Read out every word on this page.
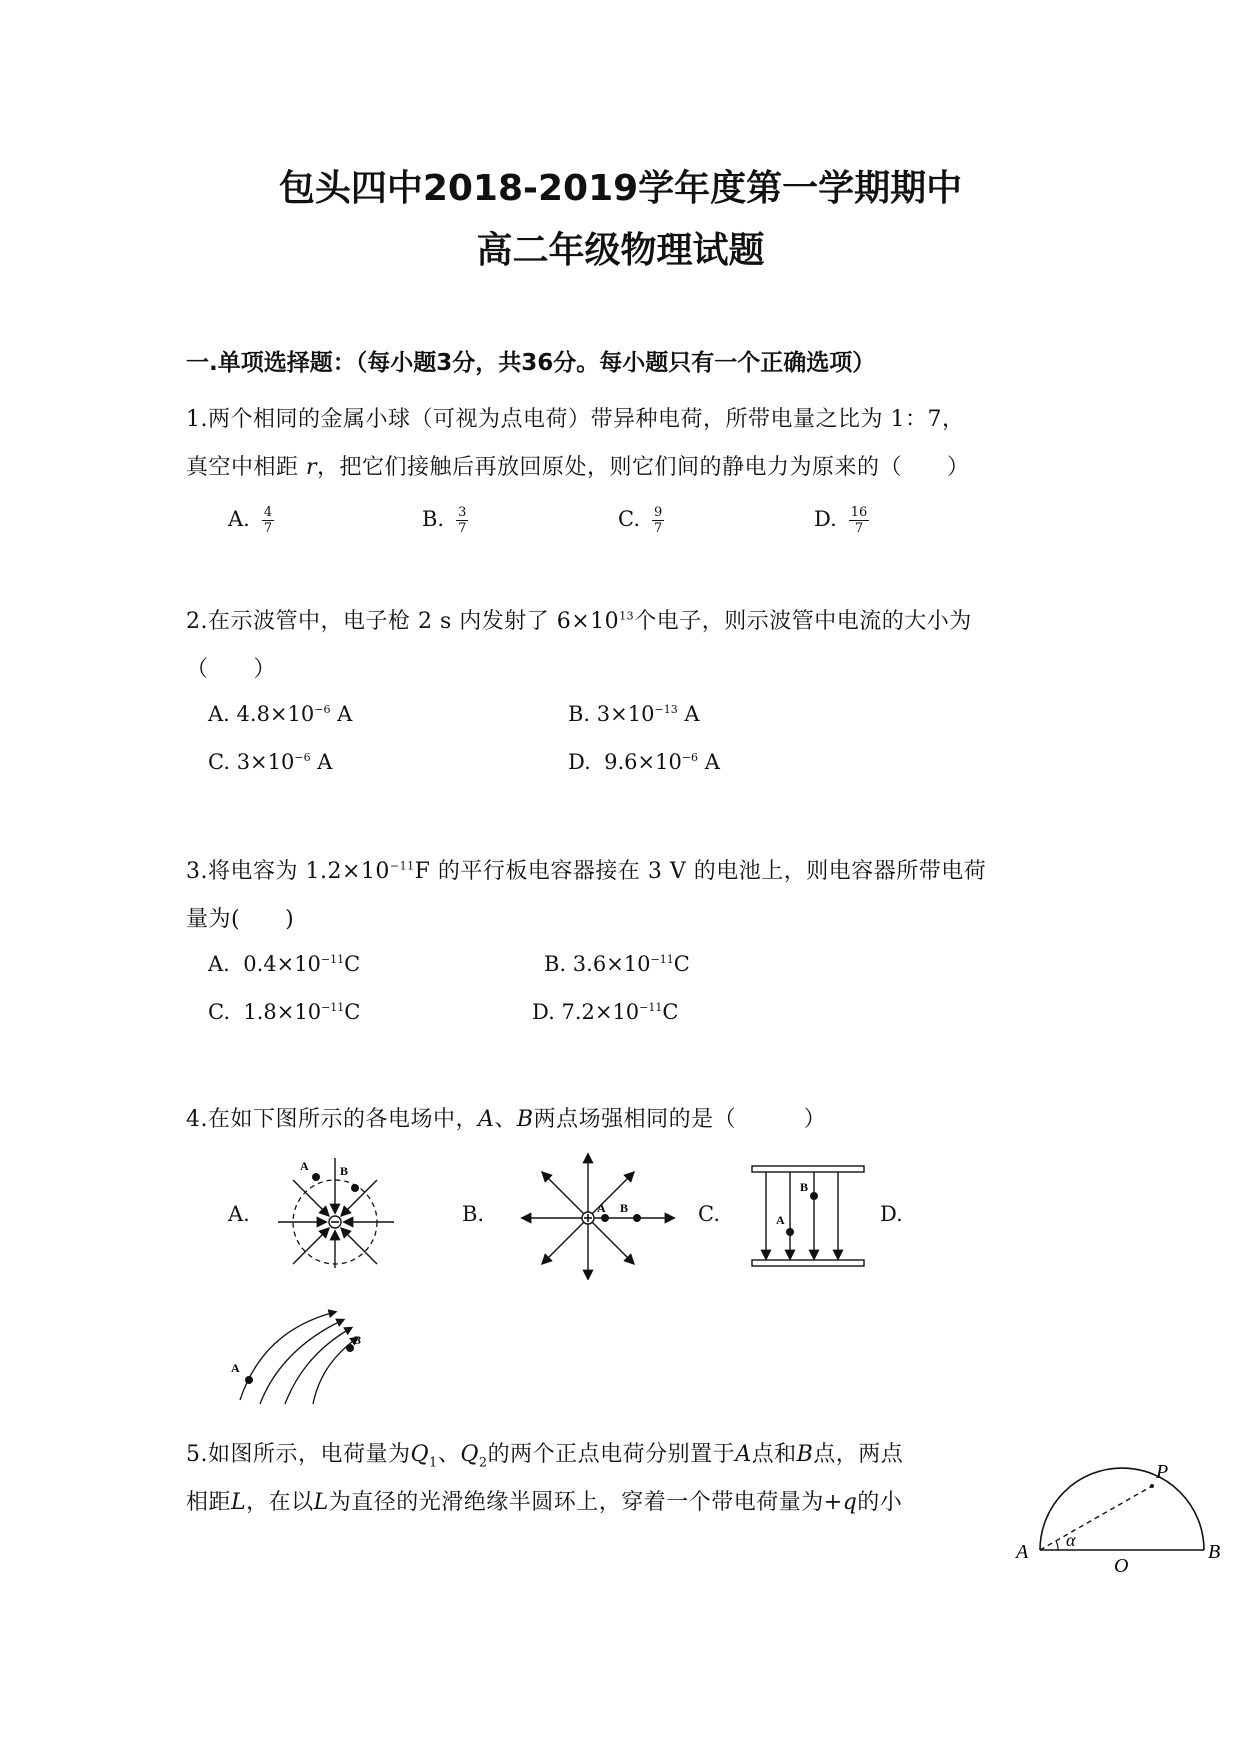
包头四中2018-2019学年度第一学期期中
高二年级物理试题
一.单项选择题：（每小题3分，共36分。每小题只有一个正确选项）
1.两个相同的金属小球（可视为点电荷）带异种电荷，所带电量之比为 1：7，
真空中相距 r，把它们接触后再放回原处，则它们间的静电力为原来的（　　）
A. $\frac{4}{7}$	B. $\frac{3}{7}$	C. $\frac{9}{7}$	D. $\frac{16}{7}$
2.在示波管中，电子枪 2 s 内发射了 $6\times 10^{13}$个电子，则示波管中电流的大小为
（　　）
A. $4.8\times 10^{-6}$ A	B. $3\times 10^{-13}$ A
C. $3\times 10^{-6}$ A	D.  $9.6\times 10^{-6}$ A
3.将电容为 $1.2\times 10^{-11}F$ 的平行板电容器接在 3 V 的电池上，则电容器所带电荷
量为(　　)
A.  $0.4\times 10^{-11}C$	B. $3.6\times 10^{-11}C$
C.  $1.8\times 10^{-11}C$	D. $7.2\times 10^{-11}C$
4.在如下图所示的各电场中，A、B两点场强相同的是（　　　）
A.	B.	C.	D.
A	B
A B
A
B
A
B
5.如图所示，电荷量为$Q_1$、$Q_2$的两个正点电荷分别置于A点和B点，两点
相距L，在以L为直径的光滑绝缘半圆环上，穿着一个带电荷量为+q的小
P
A	B
O
α
